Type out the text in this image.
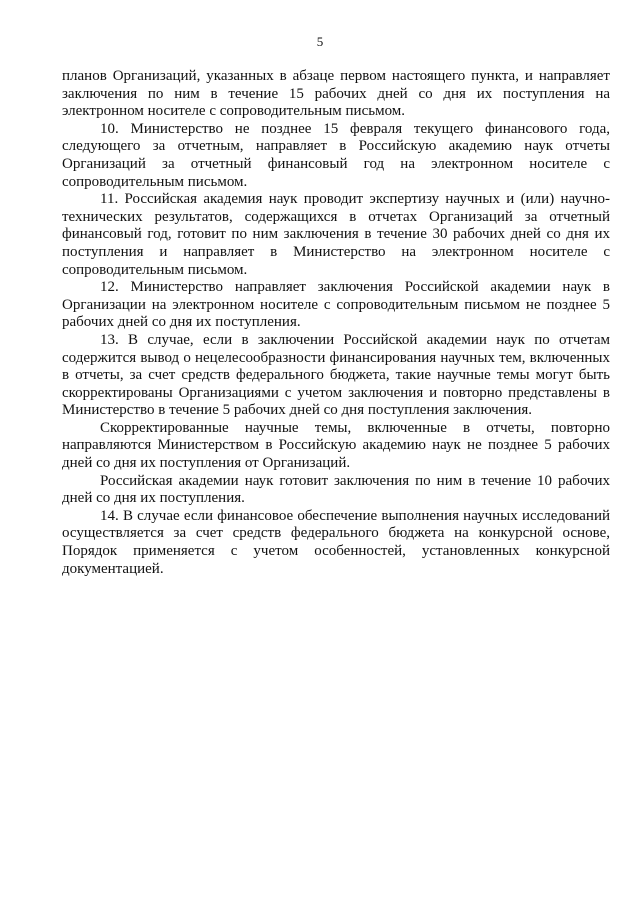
5

планов Организаций, указанных в абзаце первом настоящего пункта, и направляет заключения по ним в течение 15 рабочих дней со дня их поступления на электронном носителе с сопроводительным письмом.

10. Министерство не позднее 15 февраля текущего финансового года, следующего за отчетным, направляет в Российскую академию наук отчеты Организаций за отчетный финансовый год на электронном носителе с сопроводительным письмом.

11. Российская академия наук проводит экспертизу научных и (или) научно-технических результатов, содержащихся в отчетах Организаций за отчетный финансовый год, готовит по ним заключения в течение 30 рабочих дней со дня их поступления и направляет в Министерство на электронном носителе с сопроводительным письмом.

12. Министерство направляет заключения Российской академии наук в Организации на электронном носителе с сопроводительным письмом не позднее 5 рабочих дней со дня их поступления.

13. В случае, если в заключении Российской академии наук по отчетам содержится вывод о нецелесообразности финансирования научных тем, включенных в отчеты, за счет средств федерального бюджета, такие научные темы могут быть скорректированы Организациями с учетом заключения и повторно представлены в Министерство в течение 5 рабочих дней со дня поступления заключения.

Скорректированные научные темы, включенные в отчеты, повторно направляются Министерством в Российскую академию наук не позднее 5 рабочих дней со дня их поступления от Организаций.

Российская академии наук готовит заключения по ним в течение 10 рабочих дней со дня их поступления.

14. В случае если финансовое обеспечение выполнения научных исследований осуществляется за счет средств федерального бюджета на конкурсной основе, Порядок применяется с учетом особенностей, установленных конкурсной документацией.
